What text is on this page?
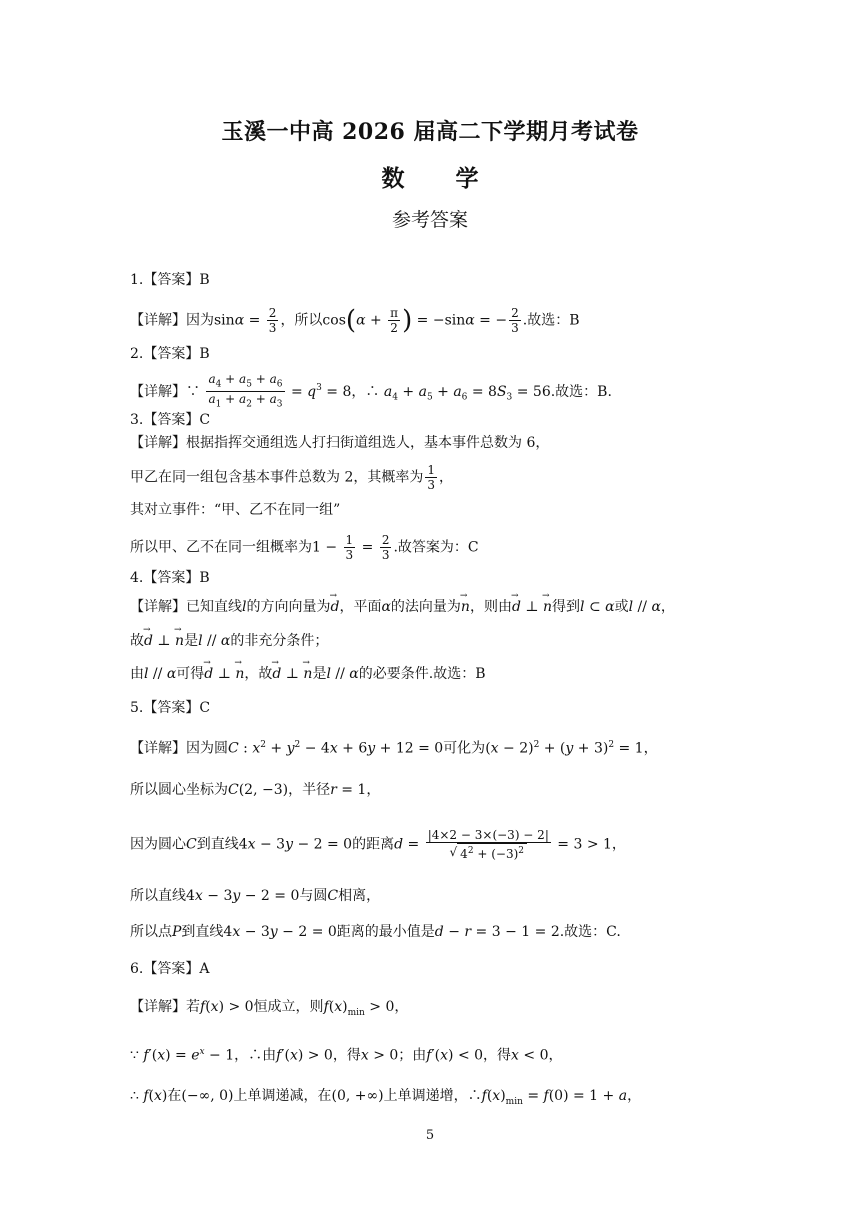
玉溪一中高 2026 届高二下学期月考试卷
数　学
参考答案
1.【答案】B
【详解】因为$\sin\alpha = \frac{2}{3}$ ，所以$\cos(\alpha + \frac{\pi}{2}$ ) = −sinα = − $\frac{2}{3}$ .故选：B
2.【答案】B
【详解】∵ $\frac{a_4 + a_5 + a_6}{a_1 + a_2 + a_3} = q^3 = 8$，∴ $a_4 + a_5 + a_6 = 8S_3 = 56$.故选：B.
3.【答案】C
【详解】根据指挥交通组选人打扫街道组选人，基本事件总数为 6，
甲乙在同一组包含基本事件总数为 2，其概率为 $\frac{1}{3}$ ，
其对立事件：“甲、乙不在同一组”
所以甲、乙不在同一组概率为$1 - \frac{1}{3} = \frac{2}{3}$ .故答案为：C
4.【答案】B
【详解】已知直线l的方向向量为→ d，平面α的法向量为→ n，则由→ d ⊥ → n得到l ⊂ α或l // α，
故→ d ⊥ → n是l // α的非充分条件；
由l // α可得→ d ⊥ → n，故→ d ⊥ → n是l // α的必要条件.故选：B
5.【答案】C
【详解】因为圆C : $x^2 + y^2 - 4x + 6y + 12 = 0$可化为$(x - 2)^2 + (y + 3)^2 = 1$，
所以圆心坐标为C(2, −3)，半径r = 1，
因为圆心C到直线4x − 3y − 2 = 0的距离$d = \frac{|4\times 2 - 3\times(-3) - 2|}{√ 4^2 + (-3)^2} = 3 > 1$，
所以直线4x − 3y − 2 = 0与圆C相离，
所以点P到直线4x − 3y − 2 = 0距离的最小值是d − r = 3 − 1 = 2.故选：C.
6.【答案】A
【详解】若f(x) > 0恒成立，则$f(x)_{min} > 0$，
∵ $f'(x) = e^x - 1$，∴由f′(x) > 0，得x > 0；由f′(x) < 0，得x < 0，
∴ f(x)在(−∞, 0)上单调递减，在(0, +∞)上单调递增，$\therefore f(x)_{min} = f(0) = 1 + a$，
5
